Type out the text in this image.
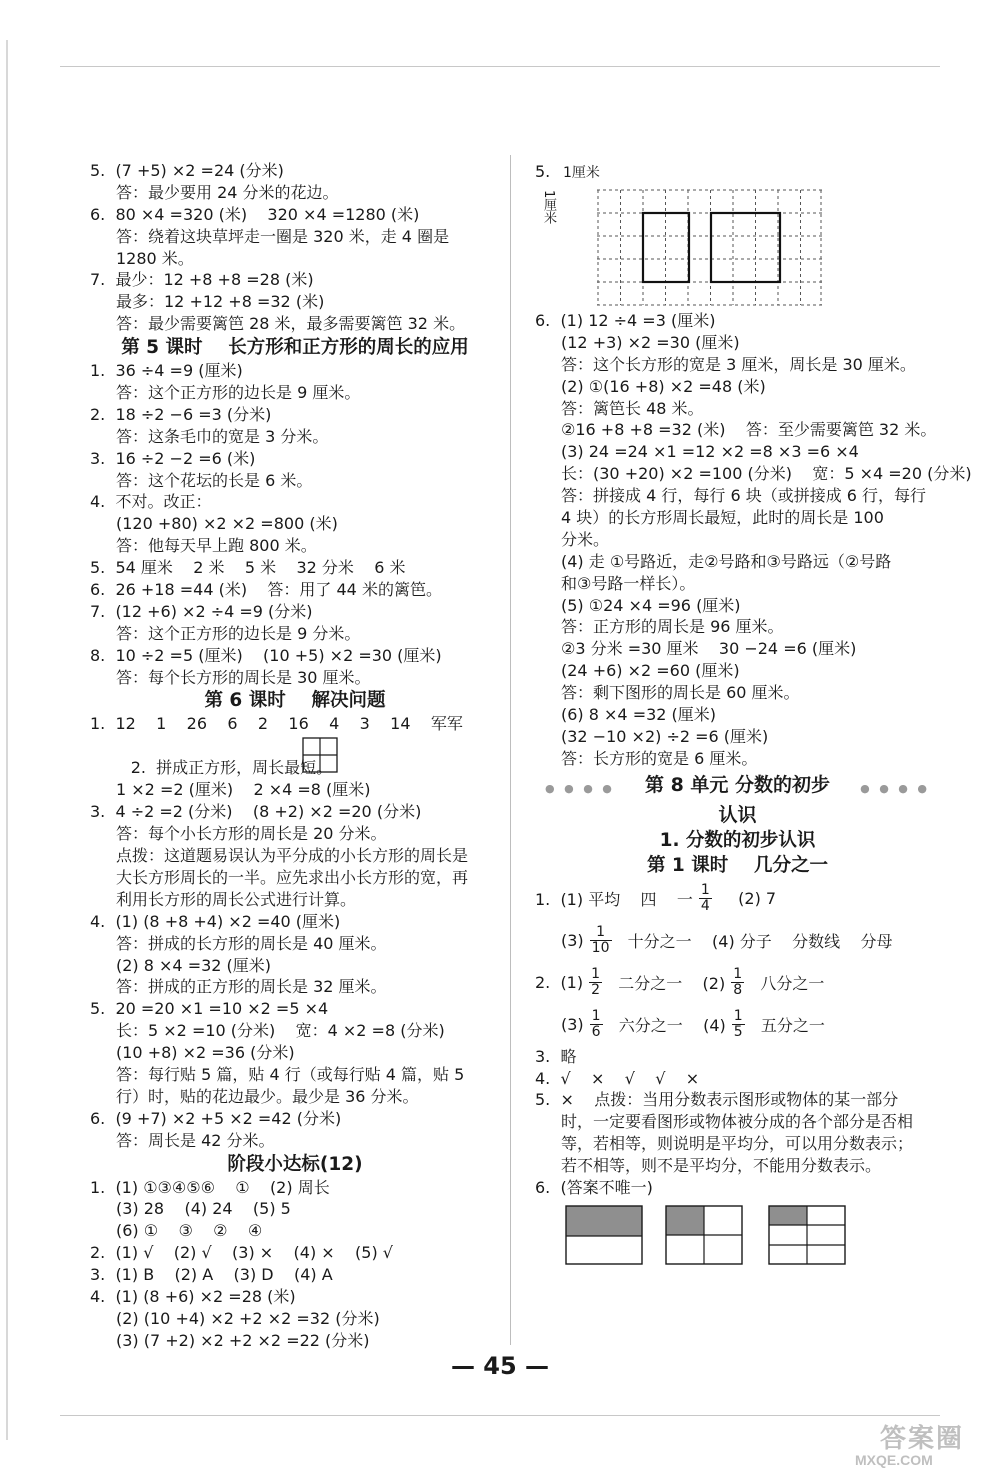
5.  (7 +5) ×2 =24 (分米)
答：最少要用 24 分米的花边。
6.  80 ×4 =320 (米)    320 ×4 =1280 (米)
答：绕着这块草坪走一圈是 320 米，走 4 圈是
1280 米。
7.  最少：12 +8 +8 =28 (米)
最多：12 +12 +8 =32 (米)
答：最少需要篱笆 28 米，最多需要篱笆 32 米。
第 5 课时    长方形和正方形的周长的应用
1.  36 ÷4 =9 (厘米)
答：这个正方形的边长是 9 厘米。
2.  18 ÷2 −6 =3 (分米)
答：这条毛巾的宽是 3 分米。
3.  16 ÷2 −2 =6 (米)
答：这个花坛的长是 6 米。
4.  不对。改正：
(120 +80) ×2 ×2 =800 (米)
答：他每天早上跑 800 米。
5.  54 厘米    2 米    5 米    32 分米    6 米
6.  26 +18 =44 (米)    答：用了 44 米的篱笆。
7.  (12 +6) ×2 ÷4 =9 (分米)
答：这个正方形的边长是 9 分米。
8.  10 ÷2 =5 (厘米)    (10 +5) ×2 =30 (厘米)
答：每个长方形的周长是 30 厘米。
第 6 课时    解决问题
1.  12    1    26    6    2    16    4    3    14    军军

2.  拼成正方形，周长最短。

1 ×2 =2 (厘米)    2 ×4 =8 (厘米)
3.  4 ÷2 =2 (分米)    (8 +2) ×2 =20 (分米)
答：每个小长方形的周长是 20 分米。
点拨：这道题易误认为平分成的小长方形的周长是
大长方形周长的一半。应先求出小长方形的宽，再
利用长方形的周长公式进行计算。
4.  (1) (8 +8 +4) ×2 =40 (厘米)
答：拼成的长方形的周长是 40 厘米。
(2) 8 ×4 =32 (厘米)
答：拼成的正方形的周长是 32 厘米。
5.  20 =20 ×1 =10 ×2 =5 ×4
长：5 ×2 =10 (分米)    宽：4 ×2 =8 (分米)
(10 +8) ×2 =36 (分米)
答：每行贴 5 篇，贴 4 行（或每行贴 4 篇，贴 5
行）时，贴的花边最少。最少是 36 分米。
6.  (9 +7) ×2 +5 ×2 =42 (分米)
答：周长是 42 分米。
阶段小达标(12)
1.  (1) ①③④⑤⑥    ①    (2) 周长
(3) 28    (4) 24    (5) 5
(6) ①    ③    ②    ④
2.  (1) √    (2) √    (3) ×    (4) ×    (5) √
3.  (1) B    (2) A    (3) D    (4) A
4.  (1) (8 +6) ×2 =28 (米)
(2) (10 +4) ×2 +2 ×2 =32 (分米)
(3) (7 +2) ×2 +2 ×2 =22 (分米)
5. 1厘米
1厘米
6.  (1) 12 ÷4 =3 (厘米)
(12 +3) ×2 =30 (厘米)
答：这个长方形的宽是 3 厘米，周长是 30 厘米。
(2) ①(16 +8) ×2 =48 (米)
答：篱笆长 48 米。
②16 +8 +8 =32 (米)    答：至少需要篱笆 32 米。
(3) 24 =24 ×1 =12 ×2 =8 ×3 =6 ×4
长：(30 +20) ×2 =100 (分米)    宽：5 ×4 =20 (分米)
答：拼接成 4 行，每行 6 块（或拼接成 6 行，每行
4 块）的长方形周长最短，此时的周长是 100
分米。
(4) 走 ①号路近，走②号路和③号路远（②号路
和③号路一样长）。
(5) ①24 ×4 =96 (厘米)
答：正方形的周长是 96 厘米。
②3 分米 =30 厘米    30 −24 =6 (厘米)
(24 +6) ×2 =60 (厘米)
答：剩下图形的周长是 60 厘米。
(6) 8 ×4 =32 (厘米)
(32 −10 ×2) ÷2 =6 (厘米)
答：长方形的宽是 6 厘米。
● ● ● ●	第 8 单元 分数的初步	● ● ● ●
认识
1. 分数的初步认识
第 1 课时    几分之一
1.  (1) 平均    四    一 $\frac{1}{4} (2)$ 7
$(3) \frac{1}{10}$ 十分之一    (4) 分子    分数线    分母
2.  $(1) \frac{1}{2}$ 二分之一    $(2) \frac{1}{8}$ 八分之一
$(3) \frac{1}{6}$ 六分之一    $(4) \frac{1}{5}$ 五分之一
3.  略
4.  √    ×    √    √    ×
5.  ×    点拨：当用分数表示图形或物体的某一部分
时，一定要看图形或物体被分成的各个部分是否相
等，若相等，则说明是平均分，可以用分数表示；
若不相等，则不是平均分，不能用分数表示。
6.  (答案不唯一)
— 45 —
答案圈
MXQE.COM
